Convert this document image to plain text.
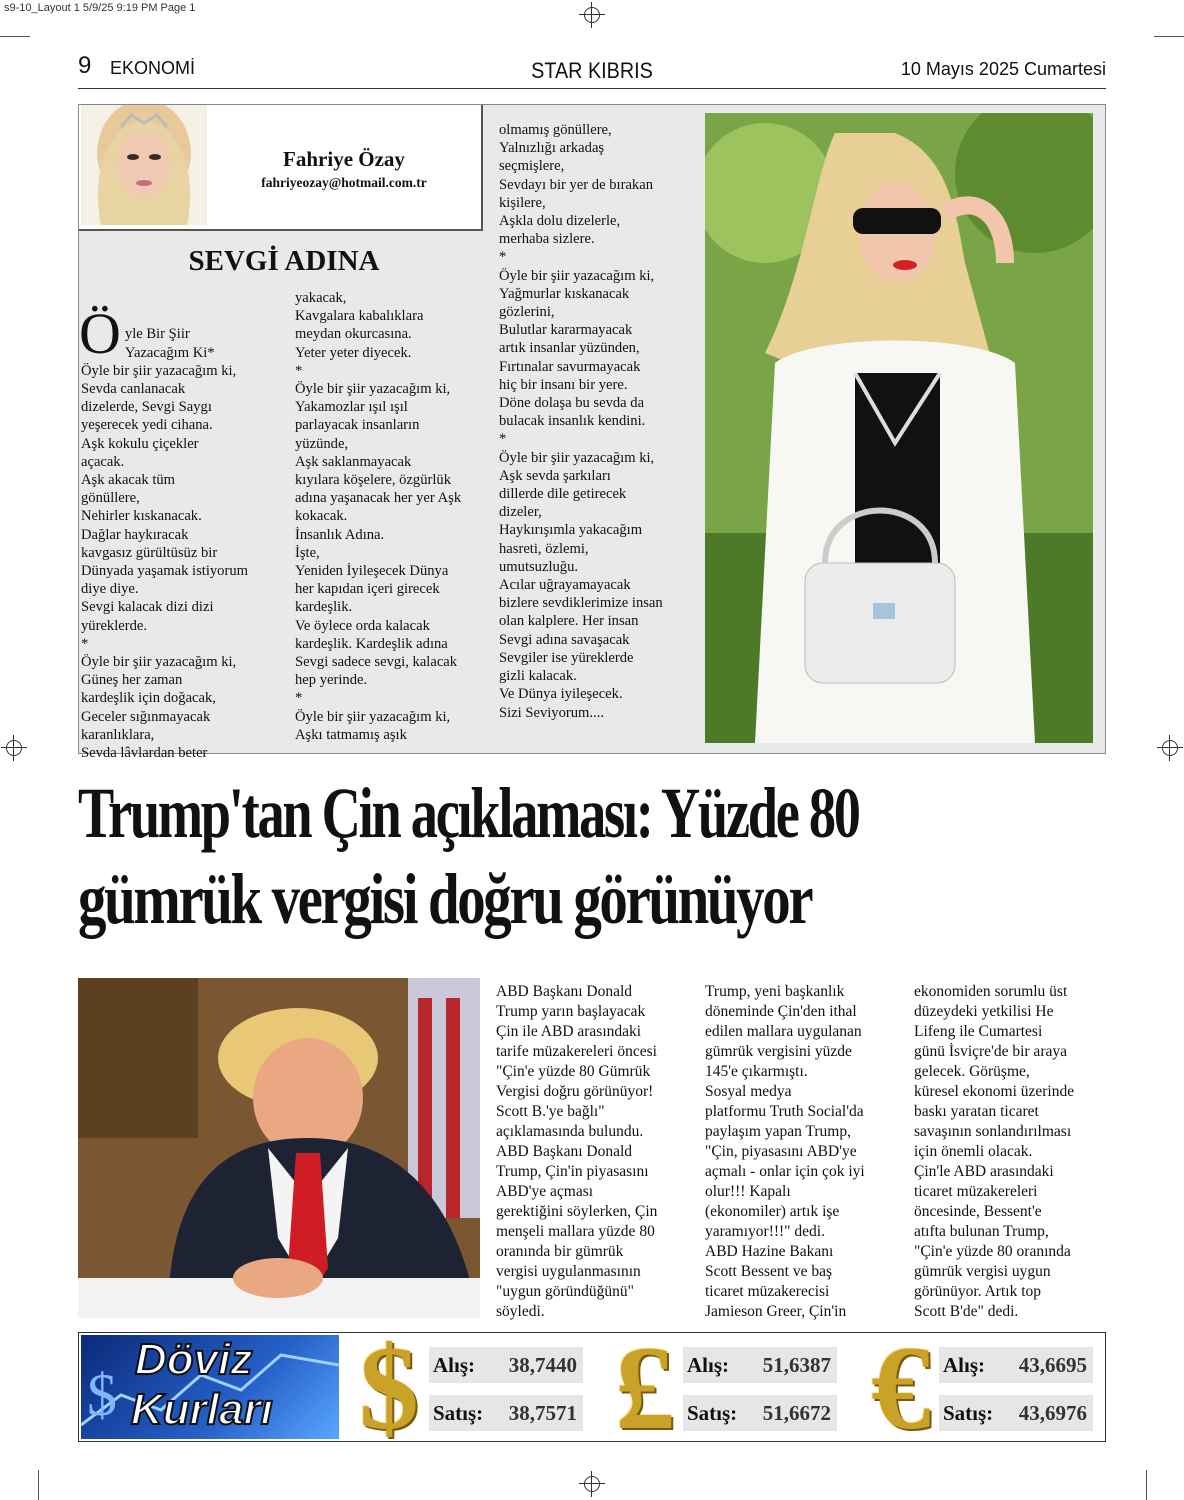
s9-10_Layout 1 5/9/25 9:19 PM Page 1
9 EKONOMİ	STAR KIBRIS	10 Mayıs 2025 Cumartesi
Fahriye Özay
fahriyeozay@hotmail.com.tr
SEVGİ ADINA

Ö yle Bir Şiir
Yazacağım Ki*

Öyle bir şiir yazacağım ki,
Sevda canlanacak
dizelerde, Sevgi Saygı
yeşerecek yedi cihana.
Aşk kokulu çiçekler
açacak.
Aşk akacak tüm
gönüllere,
Nehirler kıskanacak.
Dağlar haykıracak
kavgasız gürültüsüz bir
Dünyada yaşamak istiyorum
diye diye.
Sevgi kalacak dizi dizi
yüreklerde.
*
Öyle bir şiir yazacağım ki,
Güneş her zaman
kardeşlik için doğacak,
Geceler sığınmayacak
karanlıklara,
Sevda lâvlardan beter

yakacak,
Kavgalara kabalıklara
meydan okurcasına.
Yeter yeter diyecek.
*
Öyle bir şiir yazacağım ki,
Yakamozlar ışıl ışıl
parlayacak insanların
yüzünde,
Aşk saklanmayacak
kıyılara köşelere, özgürlük
adına yaşanacak her yer Aşk
kokacak.
İnsanlık Adına.
İşte,
Yeniden İyileşecek Dünya
her kapıdan içeri girecek
kardeşlik.
Ve öylece orda kalacak
kardeşlik. Kardeşlik adına
Sevgi sadece sevgi, kalacak
hep yerinde.
*
Öyle bir şiir yazacağım ki,
Aşkı tatmamış aşık
olmamış gönüllere,
Yalnızlığı arkadaş
seçmişlere,
Sevdayı bir yer de bırakan
kişilere,
Aşkla dolu dizelerle,
merhaba sizlere.
*
Öyle bir şiir yazacağım ki,
Yağmurlar kıskanacak
gözlerini,
Bulutlar kararmayacak
artık insanlar yüzünden,
Fırtınalar savurmayacak
hiç bir insanı bir yere.
Döne dolaşa bu sevda da
bulacak insanlık kendini.
*
Öyle bir şiir yazacağım ki,
Aşk sevda şarkıları
dillerde dile getirecek
dizeler,
Haykırışımla yakacağım
hasreti, özlemi,
umutsuzluğu.
Acılar uğrayamayacak
bizlere sevdiklerimize insan
olan kalplere. Her insan
Sevgi adına savaşacak
Sevgiler ise yüreklerde
gizli kalacak.
Ve Dünya iyileşecek.
Sizi Seviyorum....
Trump'tan Çin açıklaması: Yüzde 80
gümrük vergisi doğru görünüyor
ABD Başkanı Donald
Trump yarın başlayacak
Çin ile ABD arasındaki
tarife müzakereleri öncesi
"Çin'e yüzde 80 Gümrük
Vergisi doğru görünüyor!
Scott B.'ye bağlı"
açıklamasında bulundu.
ABD Başkanı Donald
Trump, Çin'in piyasasını
ABD'ye açması
gerektiğini söylerken, Çin
menşeli mallara yüzde 80
oranında bir gümrük
vergisi uygulanmasının
"uygun göründüğünü"
söyledi.
Trump, yeni başkanlık
döneminde Çin'den ithal
edilen mallara uygulanan
gümrük vergisini yüzde
145'e çıkarmıştı.
Sosyal medya
platformu Truth Social'da
paylaşım yapan Trump,
"Çin, piyasasını ABD'ye
açmalı - onlar için çok iyi
olur!!! Kapalı
(ekonomiler) artık işe
yaramıyor!!!" dedi.
ABD Hazine Bakanı
Scott Bessent ve baş
ticaret müzakerecisi
Jamieson Greer, Çin'in
ekonomiden sorumlu üst
düzeydeki yetkilisi He
Lifeng ile Cumartesi
günü İsviçre'de bir araya
gelecek. Görüşme,
küresel ekonomi üzerinde
baskı yaratan ticaret
savaşının sonlandırılması
için önemli olacak.
Çin'le ABD arasındaki
ticaret müzakereleri
öncesinde, Bessent'e
atıfta bulunan Trump,
"Çin'e yüzde 80 oranında
gümrük vergisi uygun
görünüyor. Artık top
Scott B'de" dedi.
$
Döviz
Kurları $ Alış: 38,7440
Satış: 38,7571 £ Alış: 51,6387
Satış: 51,6672 € Alış: 43,6695
Satış: 43,6976
